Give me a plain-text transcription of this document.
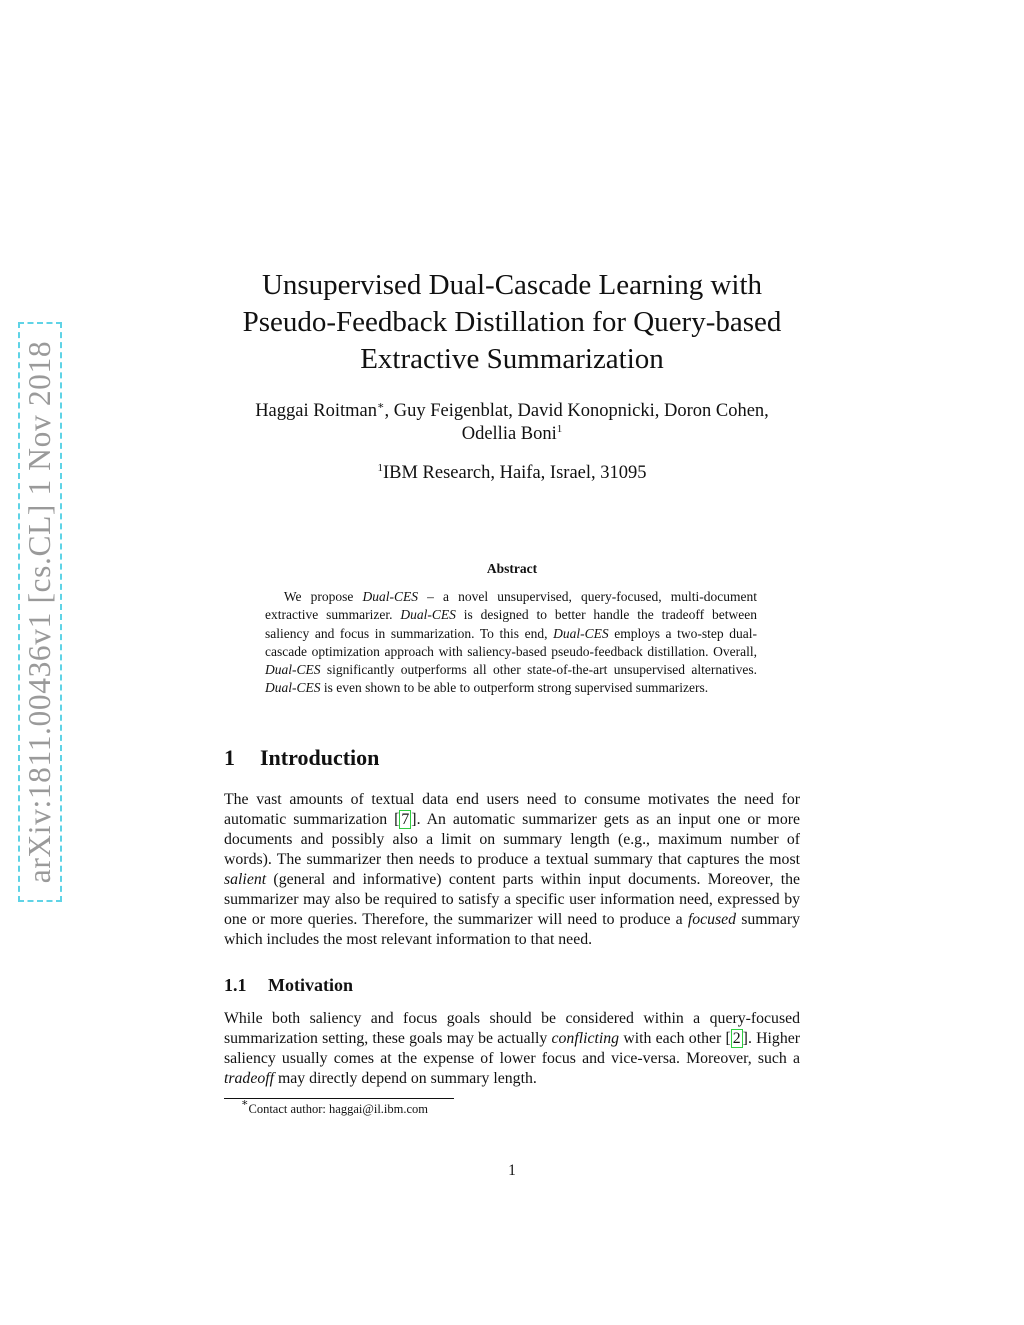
arXiv:1811.00436v1 [cs.CL] 1 Nov 2018
Unsupervised Dual-Cascade Learning with
Pseudo-Feedback Distillation for Query-based
Extractive Summarization
Haggai Roitman∗, Guy Feigenblat, David Konopnicki, Doron Cohen,
Odellia Boni$^1$
$^1$IBM Research, Haifa, Israel, 31095
Abstract

We propose Dual-CES – a novel unsupervised, query-focused, multi-document extractive summarizer. Dual-CES is designed to better handle the tradeoff between saliency and focus in summarization. To this end, Dual-CES employs a two-step dual-cascade optimization approach with saliency-based pseudo-feedback distillation. Overall, Dual-CES significantly outperforms all other state-of-the-art unsupervised alternatives. Dual-CES is even shown to be able to outperform strong supervised summarizers.

1 Introduction

The vast amounts of textual data end users need to consume motivates the need for automatic summarization [ 7 ]. An automatic summarizer gets as an input one or more documents and possibly also a limit on summary length (e.g., maximum number of words). The summarizer then needs to produce a textual summary that captures the most salient (general and informative) content parts within input documents. Moreover, the summarizer may also be required to satisfy a specific user information need, expressed by one or more queries. Therefore, the summarizer will need to produce a focused summary which includes the most relevant information to that need.

1.1 Motivation

While both saliency and focus goals should be considered within a query-focused summarization setting, these goals may be actually conflicting with each other [ 2 ]. Higher saliency usually comes at the expense of lower focus and vice-versa. Moreover, such a tradeoff may directly depend on summary length.

∗Contact author: haggai@il.ibm.com
1
